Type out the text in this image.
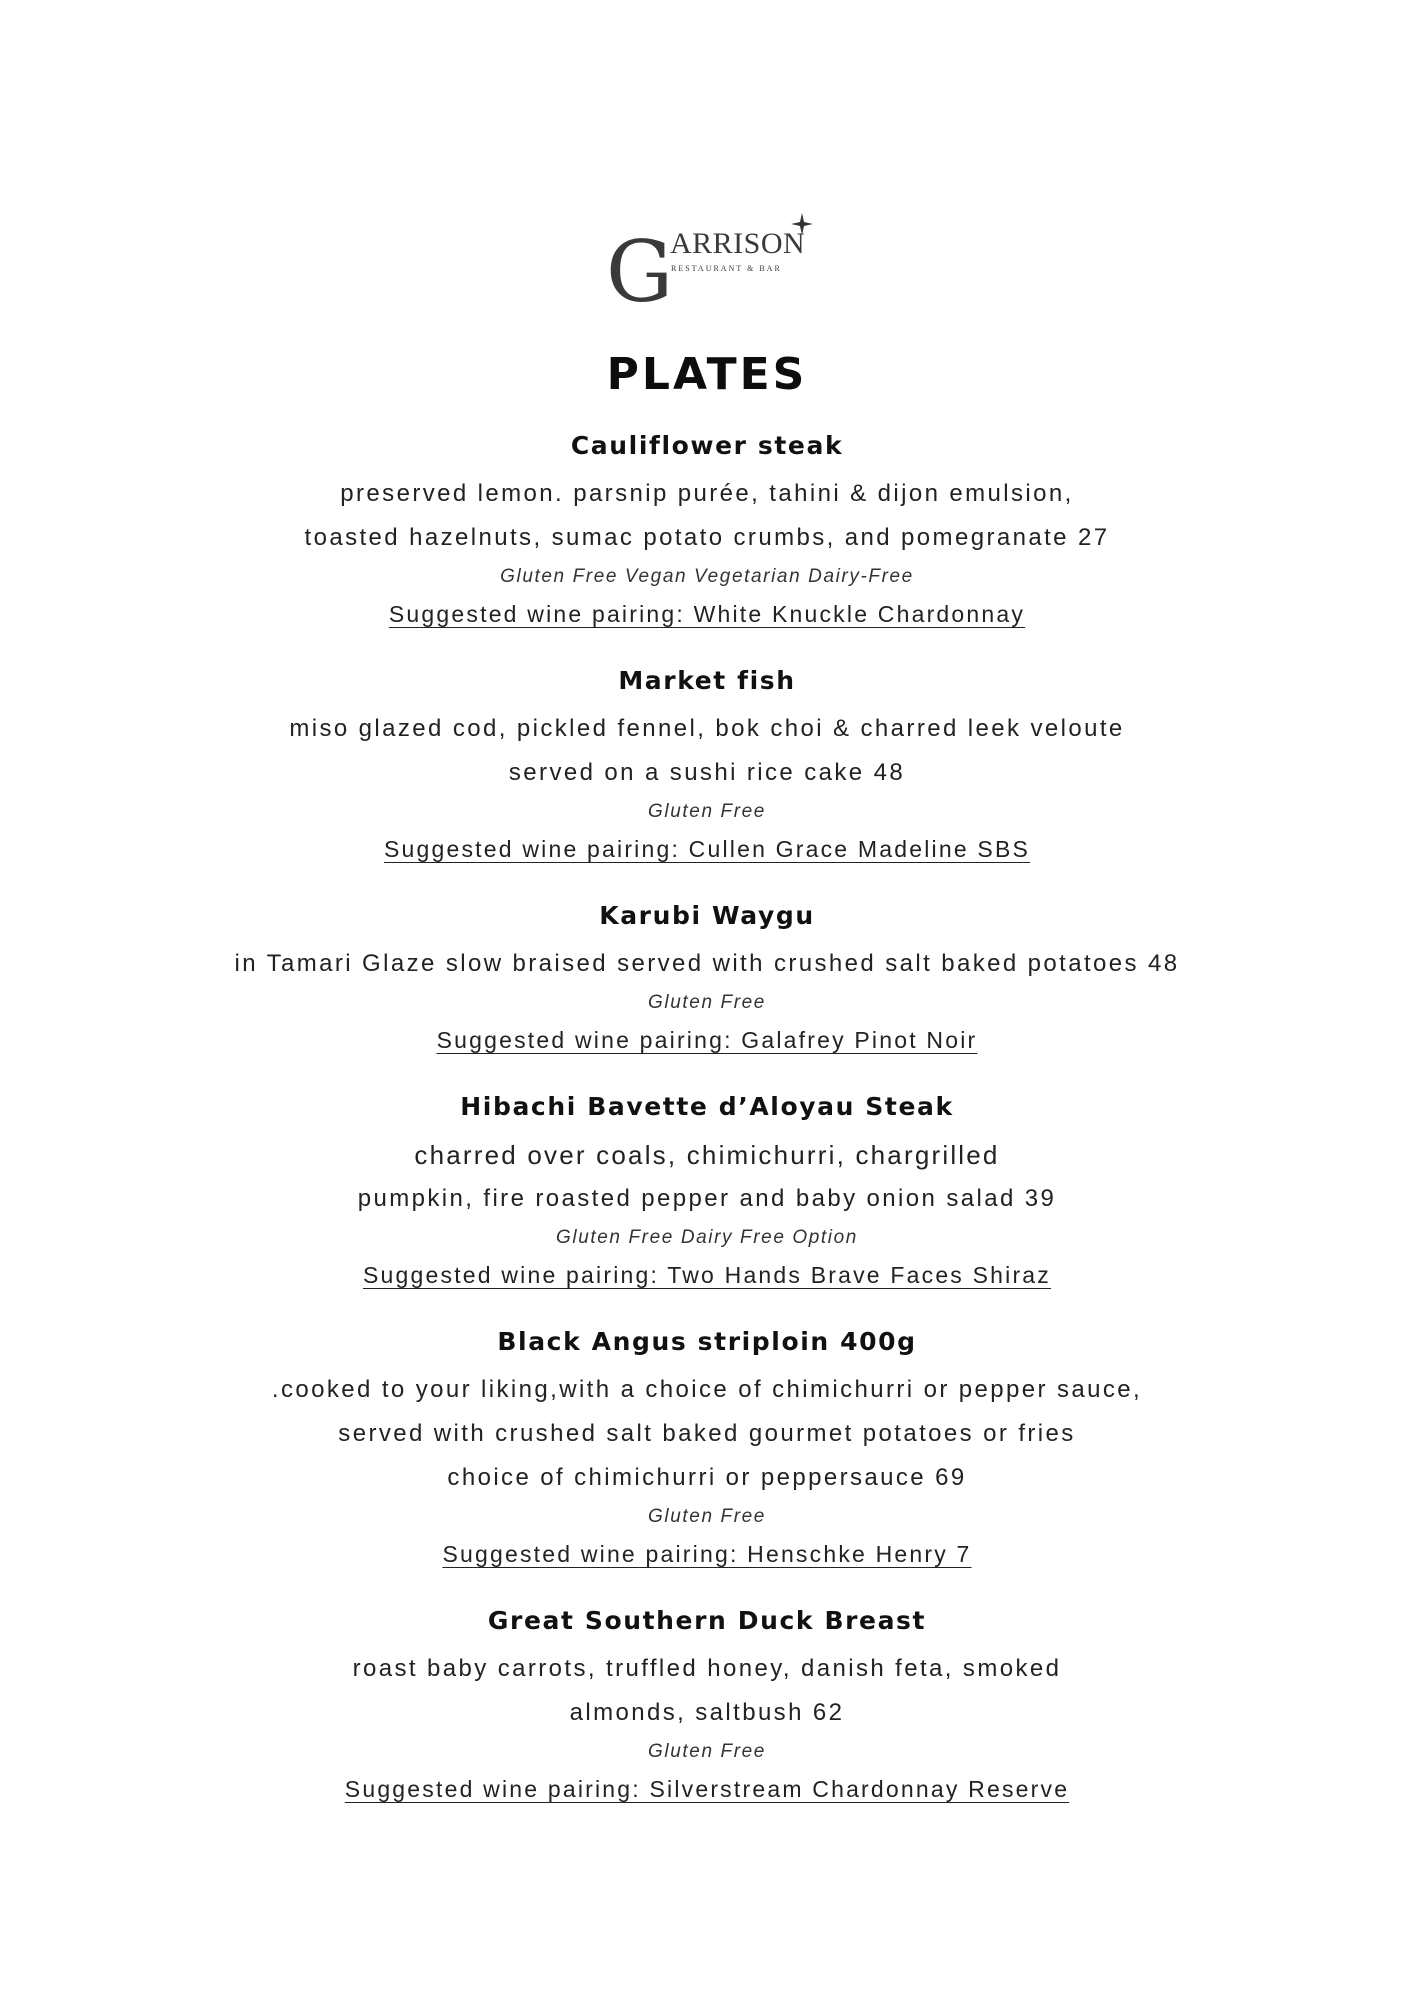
G
ARRISON
RESTAURANT & BAR
PLATES
Cauliflower steak
preserved lemon. parsnip purée, tahini & dijon emulsion,
toasted hazelnuts, sumac potato crumbs, and pomegranate 27
Gluten Free Vegan Vegetarian Dairy-Free
Suggested wine pairing: White Knuckle Chardonnay
Market fish
miso glazed cod, pickled fennel, bok choi & charred leek veloute
served on a sushi rice cake 48
Gluten Free
Suggested wine pairing: Cullen Grace Madeline SBS
Karubi Waygu
in Tamari Glaze slow braised served with crushed salt baked potatoes 48
Gluten Free
Suggested wine pairing: Galafrey Pinot Noir
Hibachi Bavette d’Aloyau Steak
charred over coals, chimichurri, chargrilled
pumpkin, fire roasted pepper and baby onion salad 39
Gluten Free Dairy Free Option
Suggested wine pairing: Two Hands Brave Faces Shiraz
Black Angus striploin 400g
.cooked to your liking,with a choice of chimichurri or pepper sauce,
served with crushed salt baked gourmet potatoes or fries
choice of chimichurri or peppersauce 69
Gluten Free
Suggested wine pairing: Henschke Henry 7
Great Southern Duck Breast
roast baby carrots, truffled honey, danish feta, smoked
almonds, saltbush 62
Gluten Free
Suggested wine pairing: Silverstream Chardonnay Reserve
